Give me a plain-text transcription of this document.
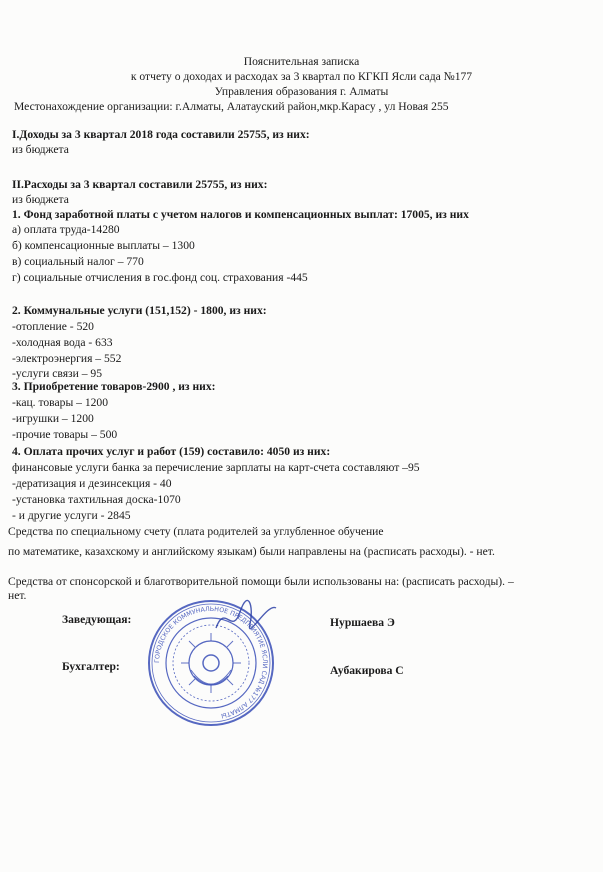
Пояснительная записка
к отчету о доходах и расходах за 3 квартал по КГКП Ясли сада №177
Управления образования г. Алматы
Местонахождение организации: г.Алматы, Алатауский район,мкр.Карасу , ул Новая 255
I.Доходы за 3 квартал 2018 года составили 25755, из них:
из бюджета
II.Расходы за 3 квартал составили 25755, из них:
из бюджета
1. Фонд заработной платы с учетом налогов и компенсационных выплат: 17005, из них
а) оплата труда-14280
б) компенсационные выплаты – 1300
в) социальный налог – 770
г) социальные отчисления в гос.фонд соц. страхования -445
2. Коммунальные услуги (151,152) - 1800, из них:
-отопление - 520
-холодная вода - 633
-электроэнергия – 552
-услуги связи – 95
3. Приобретение товаров-2900 , из них:
-кац. товары – 1200
-игрушки – 1200
-прочие товары – 500
4. Оплата прочих услуг и работ (159) составило: 4050 из них:
финансовые услуги банка за перечисление зарплаты на карт-счета составляют –95
-дератизация и дезинсекция - 40
-установка тахтильная доска-1070
- и другие услуги - 2845
Средства по специальному счету (плата родителей за углубленное обучение
по математике, казахскому и английскому языкам) были направлены на (расписать расходы). - нет.
Средства от спонсорской и благотворительной помощи были использованы на: (расписать расходы). –
нет.
Заведующая:	Нуршаева Э
Бухгалтер:	Аубакирова С
ГОРОДСКОЕ КОММУНАЛЬНОЕ ПРЕДПРИЯТИЕ ЯСЛИ САД №177 АЛМАТЫ
